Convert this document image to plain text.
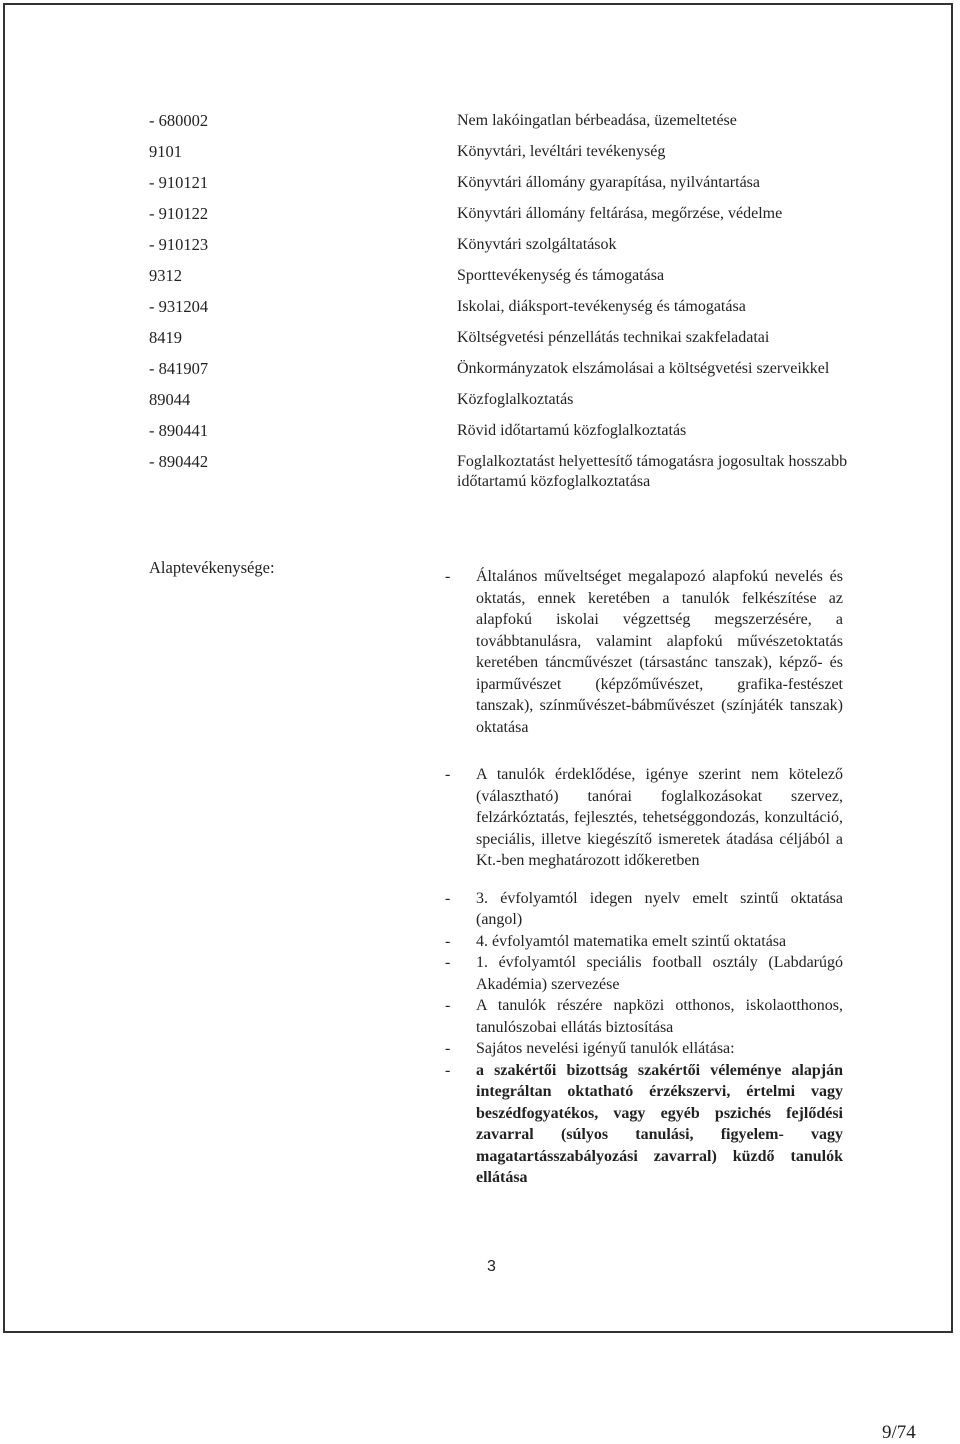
- 680002	Nem lakóingatlan bérbeadása, üzemeltetése
9101	Könyvtári, levéltári tevékenység
- 910121	Könyvtári állomány gyarapítása, nyilvántartása
- 910122	Könyvtári állomány feltárása, megőrzése, védelme
- 910123	Könyvtári szolgáltatások
9312	Sporttevékenység és támogatása
- 931204	Iskolai, diáksport-tevékenység és támogatása
8419	Költségvetési pénzellátás technikai szakfeladatai
- 841907	Önkormányzatok elszámolásai a költségvetési szerveikkel
89044	Közfoglalkoztatás
- 890441	Rövid időtartamú közfoglalkoztatás
- 890442	Foglalkoztatást helyettesítő támogatásra jogosultak hosszabb időtartamú közfoglalkoztatása
Alaptevékenysége:	-	Általános műveltséget megalapozó alapfokú nevelés és oktatás, ennek keretében a tanulók felkészítése az alapfokú iskolai végzettség megszerzésére, a továbbtanulásra, valamint alapfokú művészetoktatás keretében táncművészet (társastánc tanszak), képző- és iparművészet (képzőművészet, grafika-festészet tanszak), színművészet-bábművészet (színjáték tanszak) oktatása
-	A tanulók érdeklődése, igénye szerint nem kötelező (választható) tanórai foglalkozásokat szervez, felzárkóztatás, fejlesztés, tehetséggondozás, konzultáció, speciális, illetve kiegészítő ismeretek átadása céljából a Kt.-ben meghatározott időkeretben
-	3. évfolyamtól idegen nyelv emelt szintű oktatása (angol)
-	4. évfolyamtól matematika emelt szintű oktatása
-	1. évfolyamtól speciális football osztály (Labdarúgó Akadémia) szervezése
-	A tanulók részére napközi otthonos, iskolaotthonos, tanulószobai ellátás biztosítása
-	Sajátos nevelési igényű tanulók ellátása:
-	a szakértői bizottság szakértői véleménye alapján integráltan oktatható érzékszervi, értelmi vagy beszédfogyatékos, vagy egyéb pszichés fejlődési zavarral (súlyos tanulási, figyelem- vagy magatartásszabályozási zavarral) küzdő tanulók ellátása
3
9/74
